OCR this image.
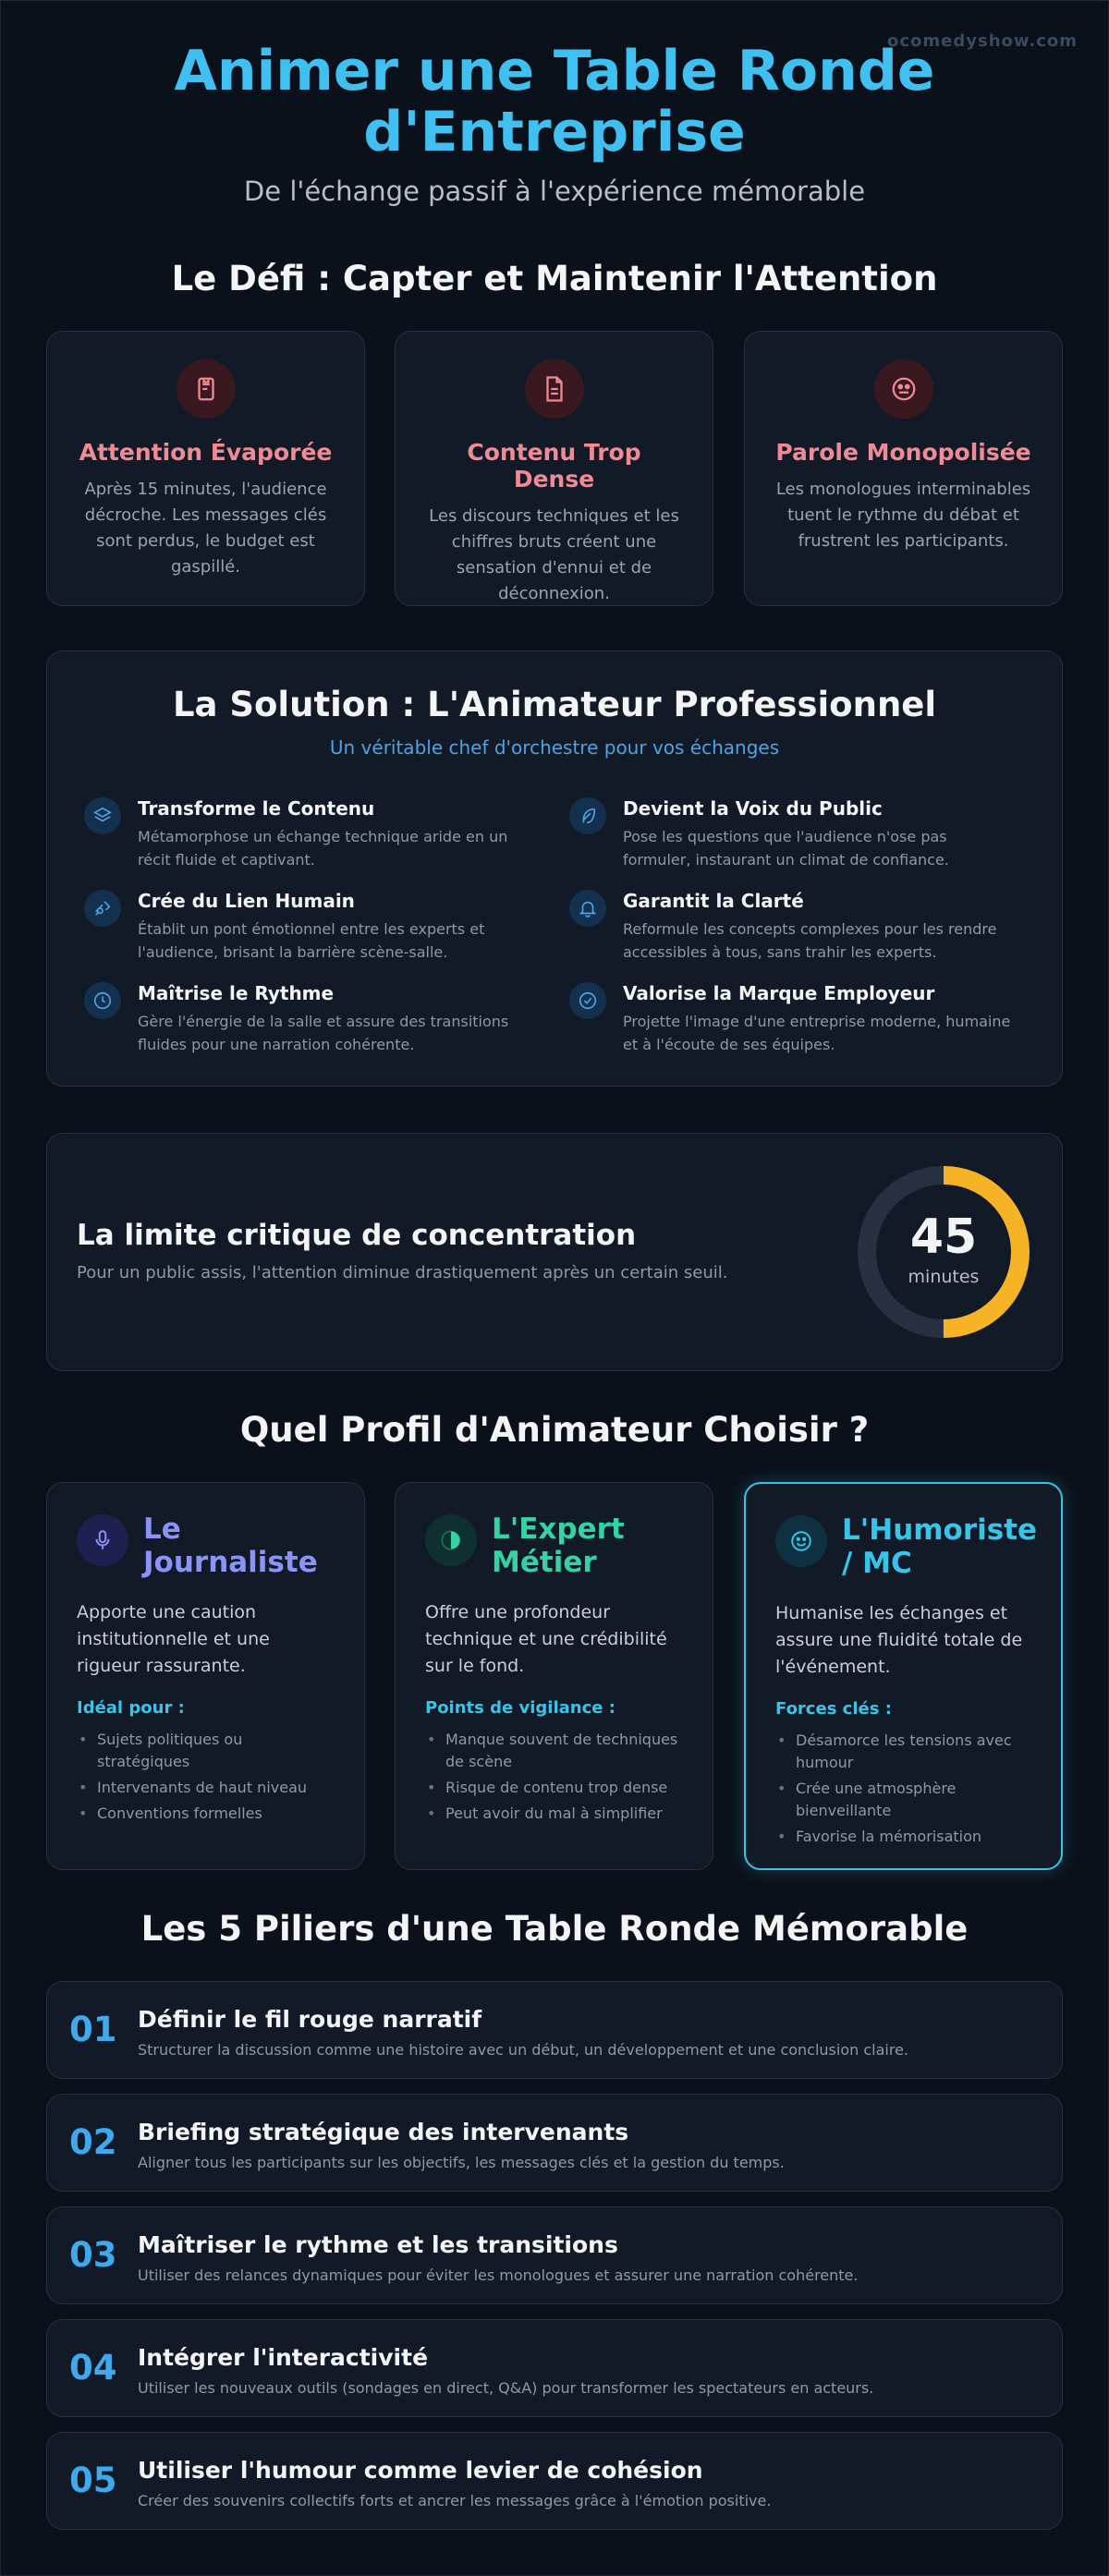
ocomedyshow.com
Animer une Table Ronde
d'Entreprise
De l'échange passif à l'expérience mémorable
Le Défi : Capter et Maintenir l'Attention
Attention Évaporée

Après 15 minutes, l'audience décroche. Les messages clés sont perdus, le budget est gaspillé.

Contenu Trop Dense

Les discours techniques et les chiffres bruts créent une sensation d'ennui et de déconnexion.

Parole Monopolisée

Les monologues interminables tuent le rythme du débat et frustrent les participants.

La Solution : L'Animateur Professionnel
Un véritable chef d'orchestre pour vos échanges
Transforme le Contenu

Métamorphose un échange technique aride en un récit fluide et captivant.

Devient la Voix du Public

Pose les questions que l'audience n'ose pas formuler, instaurant un climat de confiance.

Crée du Lien Humain

Établit un pont émotionnel entre les experts et l'audience, brisant la barrière scène-salle.

Garantit la Clarté

Reformule les concepts complexes pour les rendre accessibles à tous, sans trahir les experts.

Maîtrise le Rythme

Gère l'énergie de la salle et assure des transitions fluides pour une narration cohérente.

Valorise la Marque Employeur

Projette l'image d'une entreprise moderne, humaine et à l'écoute de ses équipes.

La limite critique de concentration

Pour un public assis, l'attention diminue drastiquement après un certain seuil.

45
minutes
Quel Profil d'Animateur Choisir ?
Le
Journaliste
Apporte une caution institutionnelle et une rigueur rassurante.
Idéal pour :
• Sujets politiques ou stratégiques
• Intervenants de haut niveau
• Conventions formelles
L'Expert
Métier
Offre une profondeur technique et une crédibilité sur le fond.
Points de vigilance :
• Manque souvent de techniques de scène
• Risque de contenu trop dense
• Peut avoir du mal à simplifier
L'Humoriste
/ MC
Humanise les échanges et assure une fluidité totale de l'événement.
Forces clés :
• Désamorce les tensions avec humour
• Crée une atmosphère bienveillante
• Favorise la mémorisation
Les 5 Piliers d'une Table Ronde Mémorable
01 Définir le fil rouge narratif

Structurer la discussion comme une histoire avec un début, un développement et une conclusion claire.

02 Briefing stratégique des intervenants

Aligner tous les participants sur les objectifs, les messages clés et la gestion du temps.

03 Maîtriser le rythme et les transitions

Utiliser des relances dynamiques pour éviter les monologues et assurer une narration cohérente.

04 Intégrer l'interactivité

Utiliser les nouveaux outils (sondages en direct, Q&A) pour transformer les spectateurs en acteurs.

05 Utiliser l'humour comme levier de cohésion

Créer des souvenirs collectifs forts et ancrer les messages grâce à l'émotion positive.
